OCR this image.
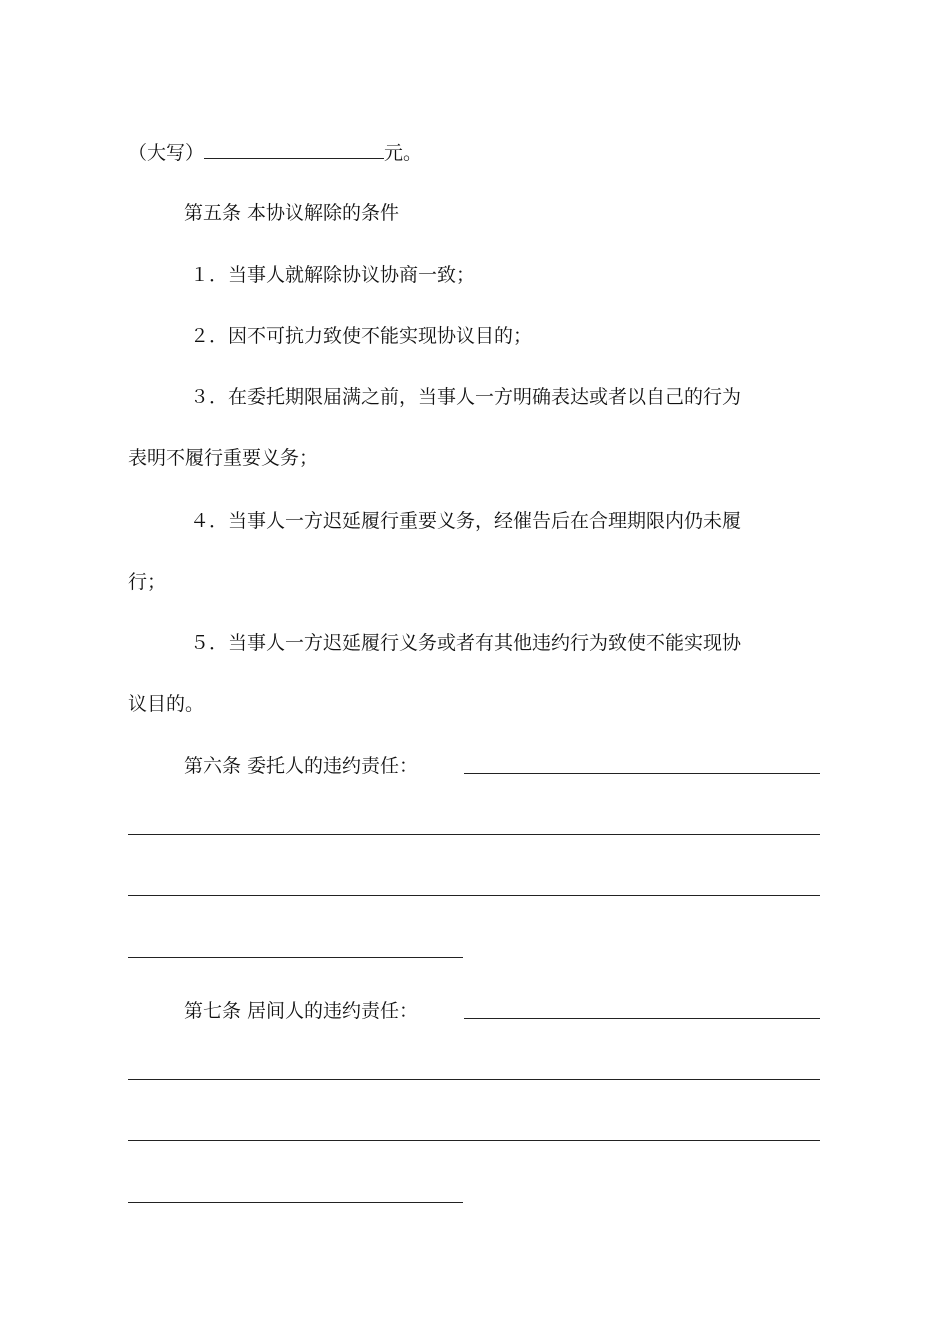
（大写）	元。
第五条 本协议解除的条件
１．当事人就解除协议协商一致；
２．因不可抗力致使不能实现协议目的；
３．在委托期限届满之前，当事人一方明确表达或者以自己的行为
表明不履行重要义务；
４．当事人一方迟延履行重要义务，经催告后在合理期限内仍未履
行；
５．当事人一方迟延履行义务或者有其他违约行为致使不能实现协
议目的。
第六条 委托人的违约责任：
第七条 居间人的违约责任：
